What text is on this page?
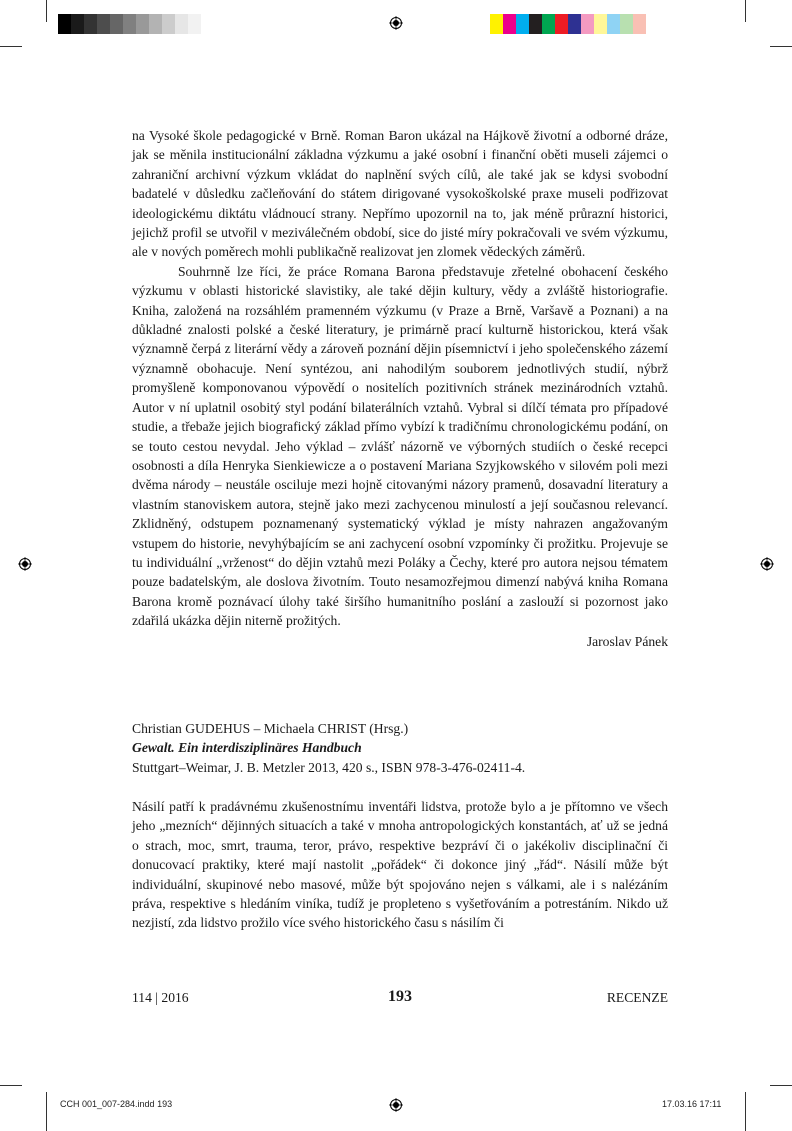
na Vysoké škole pedagogické v Brně. Roman Baron ukázal na Hájkově životní a odborné dráze, jak se měnila institucionální základna výzkumu a jaké osobní i finanční oběti museli zájemci o zahraniční archivní výzkum vkládat do naplnění svých cílů, ale také jak se kdysi svobodní badatelé v důsledku začleňování do státem dirigované vysokoškolské praxe museli podřizovat ideologickému diktátu vládnoucí strany. Nepřímo upozornil na to, jak méně průrazní historici, jejichž profil se utvořil v meziválečném období, sice do jisté míry pokračovali ve svém výzkumu, ale v nových poměrech mohli publikačně realizovat jen zlomek vědeckých záměrů.

Souhrnně lze říci, že práce Romana Barona představuje zřetelné obohacení českého výzkumu v oblasti historické slavistiky, ale také dějin kultury, vědy a zvláště historiografie. Kniha, založená na rozsáhlém pramenném výzkumu (v Praze a Brně, Varšavě a Poznani) a na důkladné znalosti polské a české literatury, je primárně prací kulturně historickou, která však významně čerpá z literární vědy a zároveň poznání dějin písemnictví i jeho společenského zázemí významně obohacuje. Není syntézou, ani nahodilým souborem jednotlivých studií, nýbrž promyšleně komponovanou výpovědí o nositelích pozitivních stránek mezinárodních vztahů. Autor v ní uplatnil osobitý styl podání bilaterálních vztahů. Vybral si dílčí témata pro případové studie, a třebaže jejich biografický základ přímo vybízí k tradičnímu chronologickému podání, on se touto cestou nevydal. Jeho výklad – zvlášť názorně ve výborných studiích o české recepci osobnosti a díla Henryka Sienkiewicze a o postavení Mariana Szyjkowského v silovém poli mezi dvěma národy – neustále osciluje mezi hojně citovanými názory pramenů, dosavadní literatury a vlastním stanoviskem autora, stejně jako mezi zachycenou minulostí a její současnou relevancí. Zklidněný, odstupem poznamenaný systematický výklad je místy nahrazen angažovaným vstupem do historie, nevyhýbajícím se ani zachycení osobní vzpomínky či prožitku. Projevuje se tu individuální „vrženost“ do dějin vztahů mezi Poláky a Čechy, které pro autora nejsou tématem pouze badatelským, ale doslova životním. Touto nesamozřejmou dimenzí nabývá kniha Romana Barona kromě poznávací úlohy také širšího humanitního poslání a zaslouží si pozornost jako zdařilá ukázka dějin niterně prožitých.

Jaroslav Pánek

Christian GUDEHUS – Michaela CHRIST (Hrsg.)
Gewalt. Ein interdisziplinäres Handbuch
Stuttgart–Weimar, J. B. Metzler 2013, 420 s., ISBN 978-3-476-02411-4.

Násilí patří k pradávnému zkušenostnímu inventáři lidstva, protože bylo a je přítomno ve všech jeho „mezních“ dějinných situacích a také v mnoha antropologických konstantách, ať už se jedná o strach, moc, smrt, trauma, teror, právo, respektive bezpráví či o jakékoliv disciplinační či donucovací praktiky, které mají nastolit „pořádek“ či dokonce jiný „řád“. Násilí může být individuální, skupinové nebo masové, může být spojováno nejen s válkami, ale i s nalézáním práva, respektive s hledáním viníka, tudíž je propleteno s vyšetřováním a potrestáním. Nikdo už nezjistí, zda lidstvo prožilo více svého historického času s násilím či

114 | 2016	193	RECENZE
CCH 001_007-284.indd 193	17.03.16 17:11
